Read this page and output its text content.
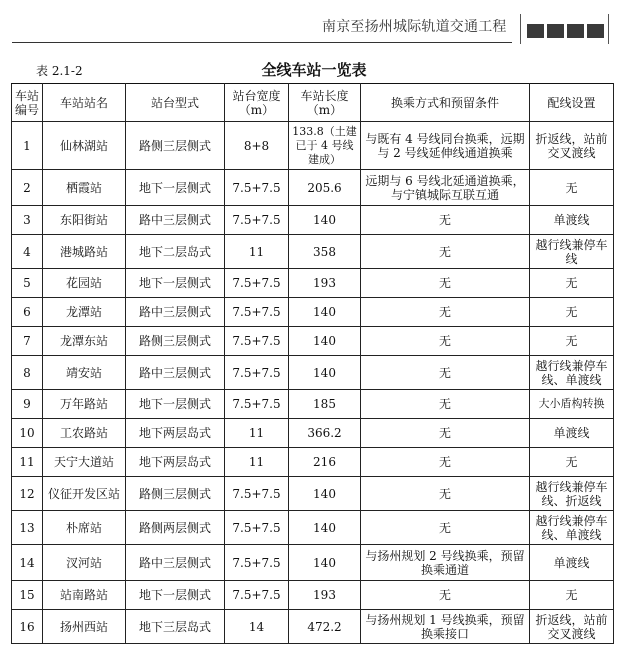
南京至扬州城际轨道交通工程
表 2.1-2	全线车站一览表
车站编号	车站站名	站台型式	站台宽度（m）	车站长度（m）	换乘方式和预留条件	配线设置
1	仙林湖站	路侧三层侧式	8+8	133.8（土建已于 4 号线建成）	与既有 4 号线同台换乘，远期与 2 号线延伸线通道换乘	折返线，站前交叉渡线
2	栖霞站	地下一层侧式	7.5+7.5	205.6	远期与 6 号线北延通道换乘，与宁镇城际互联互通	无
3	东阳街站	路中三层侧式	7.5+7.5	140	无	单渡线
4	港城路站	地下二层岛式	11	358	无	越行线兼停车线
5	花园站	地下一层侧式	7.5+7.5	193	无	无
6	龙潭站	路中三层侧式	7.5+7.5	140	无	无
7	龙潭东站	路侧三层侧式	7.5+7.5	140	无	无
8	靖安站	路中三层侧式	7.5+7.5	140	无	越行线兼停车线、单渡线
9	万年路站	地下一层侧式	7.5+7.5	185	无	大小盾构转换
10	工农路站	地下两层岛式	11	366.2	无	单渡线
11	天宁大道站	地下两层岛式	11	216	无	无
12	仪征开发区站	路侧三层侧式	7.5+7.5	140	无	越行线兼停车线、折返线
13	朴席站	路侧两层侧式	7.5+7.5	140	无	越行线兼停车线、单渡线
14	汊河站	路中三层侧式	7.5+7.5	140	与扬州规划 2 号线换乘，预留换乘通道	单渡线
15	站南路站	地下一层侧式	7.5+7.5	193	无	无
16	扬州西站	地下三层岛式	14	472.2	与扬州规划 1 号线换乘，预留换乘接口	折返线，站前交叉渡线
